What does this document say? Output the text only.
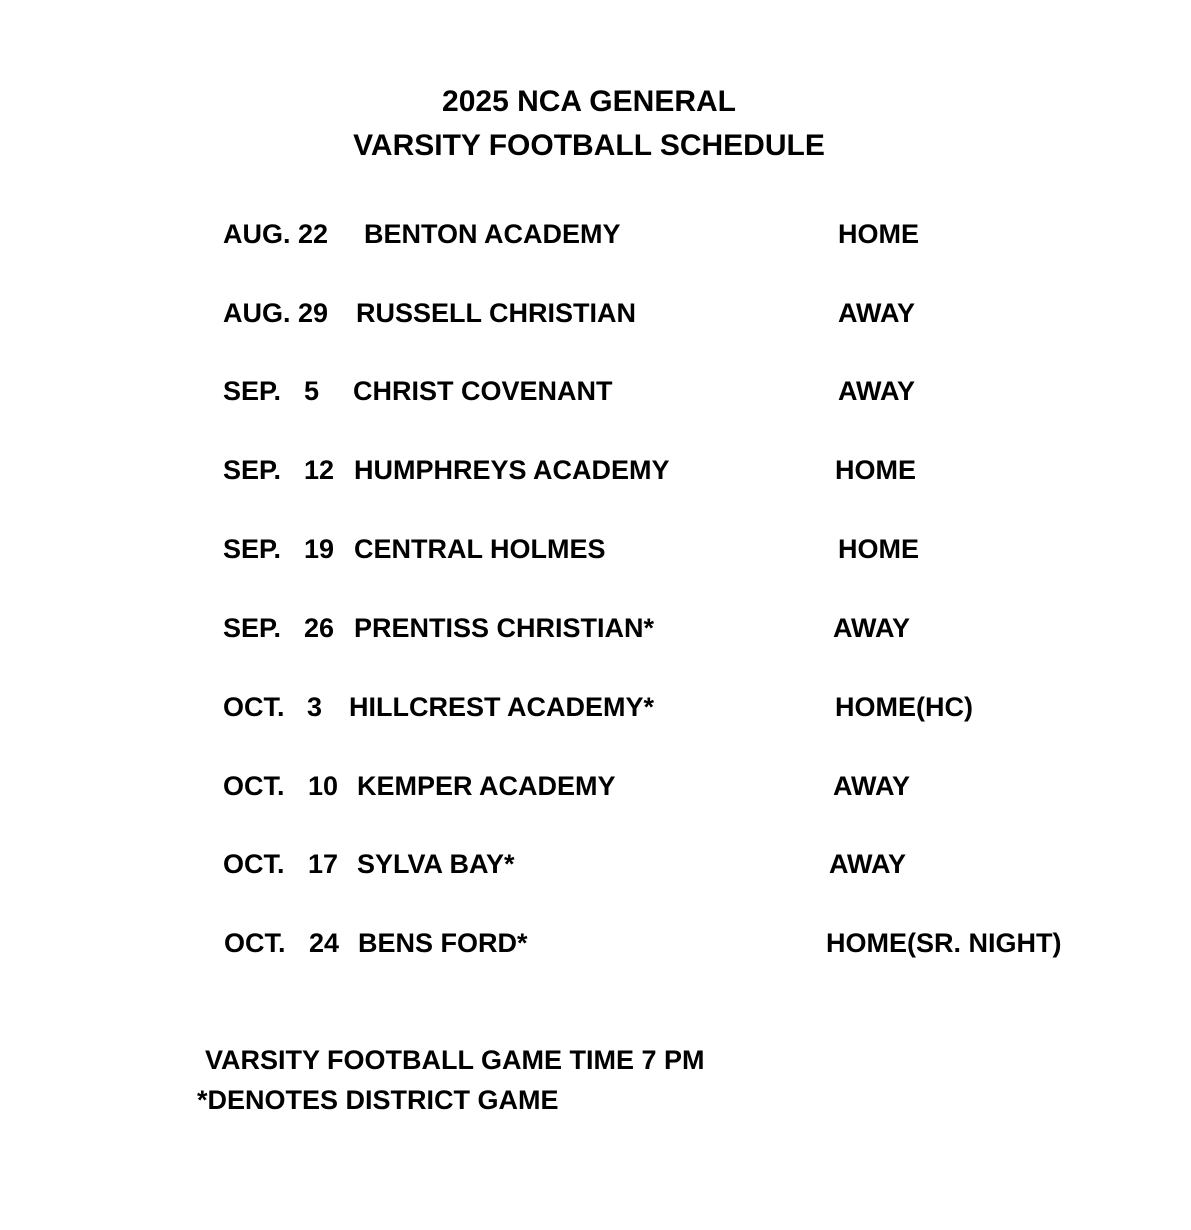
2025 NCA GENERAL
VARSITY FOOTBALL SCHEDULE
AUG. 22 BENTON ACADEMY	HOME
AUG. 29 RUSSELL CHRISTIAN	AWAY
SEP. 5 CHRIST COVENANT	AWAY
SEP. 12 HUMPHREYS ACADEMY	HOME
SEP. 19 CENTRAL HOLMES	HOME
SEP. 26 PRENTISS CHRISTIAN*	AWAY
OCT. 3 HILLCREST ACADEMY*	HOME(HC)
OCT. 10 KEMPER ACADEMY	AWAY
OCT. 17 SYLVA BAY*	AWAY
OCT. 24 BENS FORD*	HOME(SR. NIGHT)
VARSITY FOOTBALL GAME TIME 7 PM
*DENOTES DISTRICT GAME
